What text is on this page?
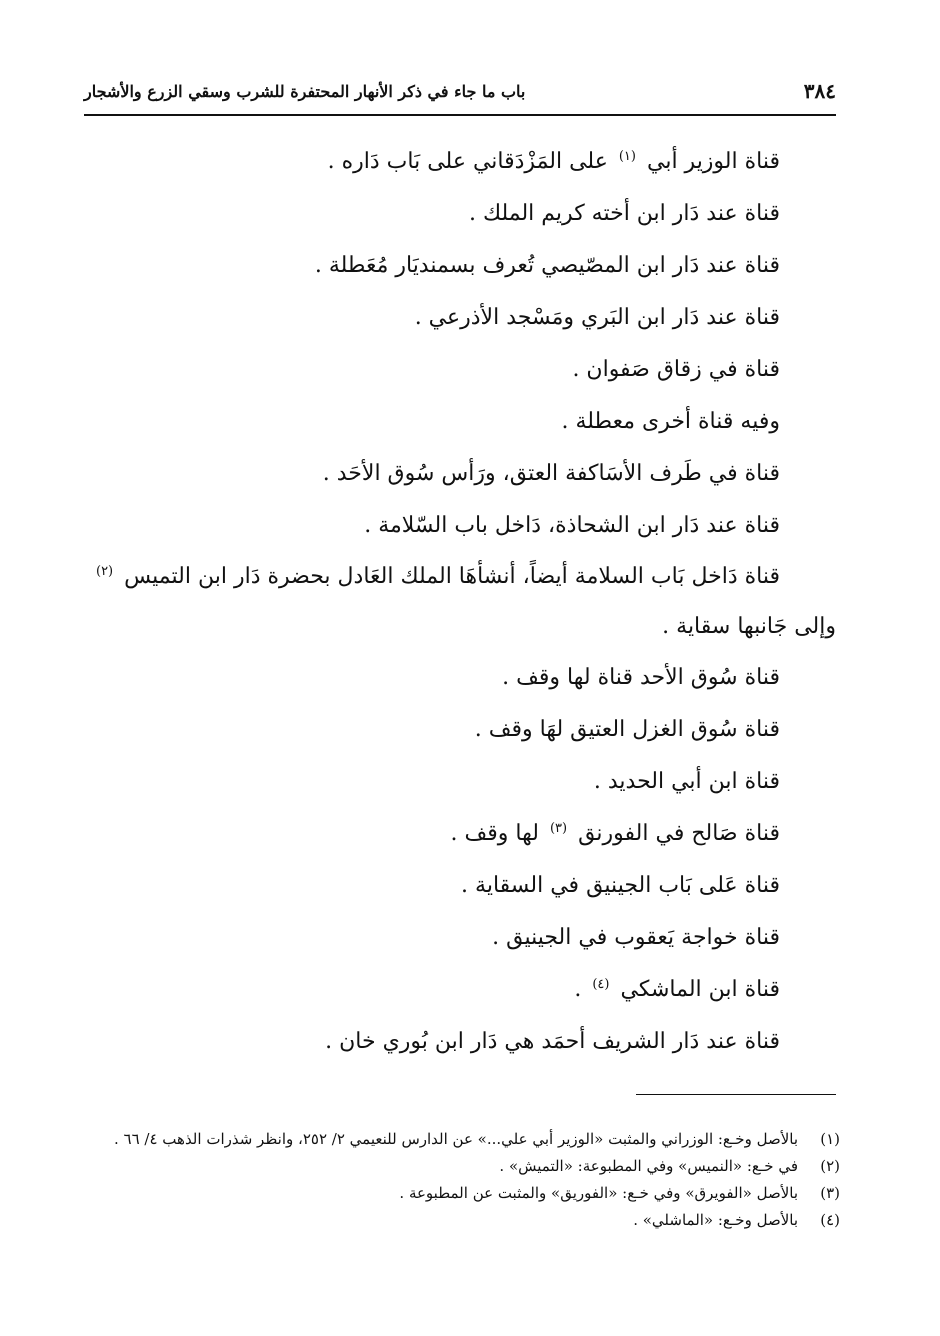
٣٨٤
باب ما جاء في ذكر الأنهار المحتفرة للشرب وسقي الزرع والأشجار
قناة الوزير أبي $^{(١)}$ على المَزْدَقاني على بَاب دَاره .
قناة عند دَار ابن أخته كريم الملك .
قناة عند دَار ابن المصّيصي تُعرف بسمنديَار مُعَطلة .
قناة عند دَار ابن البَري ومَسْجد الأذرعي .
قناة في زقاق صَفوان .
وفيه قناة أخرى معطلة .
قناة في طَرف الأسَاكفة العتق، ورَأس سُوق الأحَد .
قناة عند دَار ابن الشحاذة، دَاخل باب السّلامة .
قناة دَاخل بَاب السلامة أيضاً، أنشأهَا الملك العَادل بحضرة دَار ابن التميس $^{(٢)}$
وإلى جَانبها سقاية .
قناة سُوق الأحد قناة لها وقف .
قناة سُوق الغزل العتيق لهَا وقف .
قناة ابن أبي الحديد .
قناة صَالح في الفورنق $^{(٣)}$ لها وقف .
قناة عَلى بَاب الجينيق في السقاية .
قناة خواجة يَعقوب في الجينيق .
قناة ابن الماشكي $^{(٤)}$ .
قناة عند دَار الشريف أحمَد هي دَار ابن بُوري خان .
(١)
بالأصل وخـع: الوزراني والمثبت «الوزير أبي علي...» عن الدارس للنعيمي ٢/ ٢٥٢، وانظر شذرات الذهب ٤/ ٦٦ .
(٢)
في خـع: «النميس» وفي المطبوعة: «التميش» .
(٣)
بالأصل «الفويرق» وفي خـع: «الفوريق» والمثبت عن المطبوعة .
(٤)
بالأصل وخـع: «الماشلي» .
